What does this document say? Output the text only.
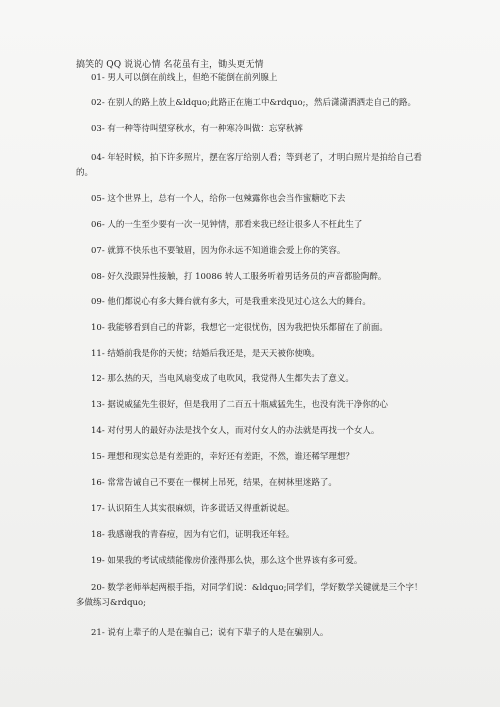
搞笑的 QQ 说说心情 名花虽有主，锄头更无情
01- 男人可以倒在前线上，但绝不能倒在前列腺上
02- 在别人的路上放上&ldquo;此路正在施工中&rdquo;，然后潇潇洒洒走自己的路。
03- 有一种等待叫望穿秋水，有一种寒冷叫做：忘穿秋裤
04- 年轻时候，拍下许多照片，摆在客厅给别人看；等到老了，才明白照片是拍给自己看的。
05- 这个世界上，总有一个人，给你一包辣露你也会当作蜜糖吃下去
06- 人的一生至少要有一次一见钟情，那看来我已经让很多人不枉此生了
07- 就算不快乐也不要皱眉，因为你永远不知道谁会爱上你的笑容。
08- 好久没跟异性接触，打 10086 转人工服务听着男话务员的声音都脸陶醉。
09- 他们都说心有多大舞台就有多大，可是我重来没见过心这么大的舞台。
10- 我能够看到自己的背影，我想它一定很忧伤，因为我把快乐都留在了前面。
11- 结婚前我是你的天使；结婚后我还是，是天天被你使唤。
12- 那么热的天，当电风扇变成了电吹风，我觉得人生都失去了意义。
13- 据说威猛先生很好，但是我用了二百五十瓶威猛先生，也没有洗干净你的心
14- 对付男人的最好办法是找个女人，而对付女人的办法就是再找一个女人。
15- 理想和现实总是有差距的，幸好还有差距，不然，谁还稀罕理想？
16- 常常告诫自己不要在一棵树上吊死，结果，在树林里迷路了。
17- 认识陌生人其实很麻烦，许多谎话又得重新说起。
18- 我感谢我的青春痘，因为有它们，证明我还年轻。
19- 如果我的考试成绩能像房价涨得那么快，那么这个世界该有多可爱。
20- 数学老师举起两根手指，对同学们说：&ldquo;同学们，学好数学关键就是三个字！多做练习&rdquo;
21- 说有上辈子的人是在骗自己；说有下辈子的人是在骗别人。
